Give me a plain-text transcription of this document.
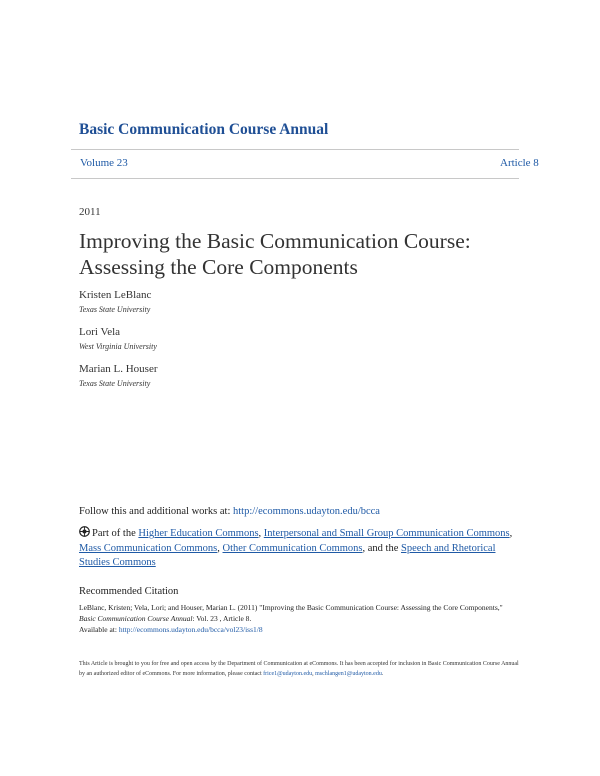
Basic Communication Course Annual
Volume 23	Article 8
2011
Improving the Basic Communication Course:
Assessing the Core Components
Kristen LeBlanc
Texas State University
Lori Vela
West Virginia University
Marian L. Houser
Texas State University
Follow this and additional works at: http://ecommons.udayton.edu/bcca
Part of the Higher Education Commons, Interpersonal and Small Group Communication Commons, Mass Communication Commons, Other Communication Commons, and the Speech and Rhetorical Studies Commons
Recommended Citation
LeBlanc, Kristen; Vela, Lori; and Houser, Marian L. (2011) "Improving the Basic Communication Course: Assessing the Core Components," Basic Communication Course Annual: Vol. 23 , Article 8.
Available at: http://ecommons.udayton.edu/bcca/vol23/iss1/8
This Article is brought to you for free and open access by the Department of Communication at eCommons. It has been accepted for inclusion in Basic Communication Course Annual by an authorized editor of eCommons. For more information, please contact frice1@udayton.edu, mschlangen1@udayton.edu.
